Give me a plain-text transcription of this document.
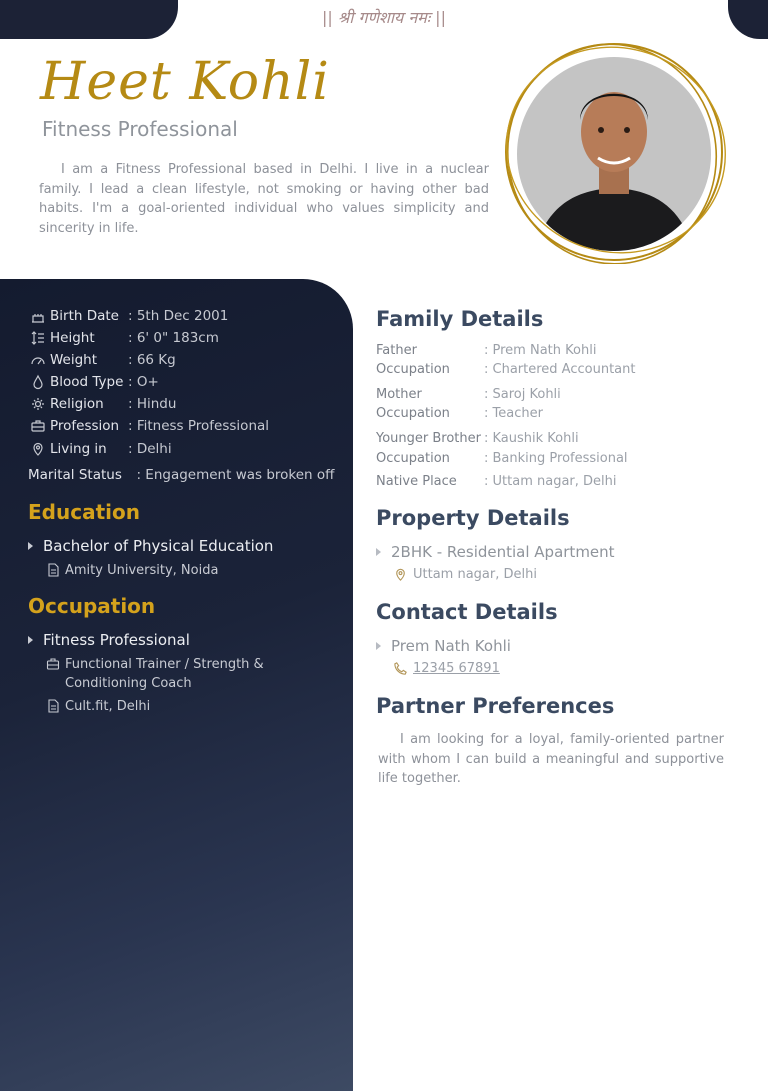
|| श्री गणेशाय नमः ||
Heet Kohli
Fitness Professional

I am a Fitness Professional based in Delhi. I live in a nuclear family. I lead a clean lifestyle, not smoking or having other bad habits. I'm a goal-oriented individual who values simplicity and sincerity in life.

Birth Date : 5th Dec 2001
Height	: 6' 0" 183cm
Weight	: 66 Kg
Blood Type : O+
Religion	: Hindu
Profession : Fitness Professional
Living in	: Delhi
Marital Status : Engagement was broken off
Education
Bachelor of Physical Education
Amity University, Noida
Occupation
Fitness Professional
Functional Trainer / Strength &
Conditioning Coach
Cult.fit, Delhi
Family Details
Father	: Prem Nath Kohli
Occupation	: Chartered Accountant
Mother	: Saroj Kohli
Occupation	: Teacher
Younger Brother : Kaushik Kohli
Occupation	: Banking Professional
Native Place	: Uttam nagar, Delhi
Property Details
2BHK - Residential Apartment
Uttam nagar, Delhi
Contact Details
Prem Nath Kohli
12345 67891
Partner Preferences

I am looking for a loyal, family-oriented partner with whom I can build a meaningful and supportive life together.
